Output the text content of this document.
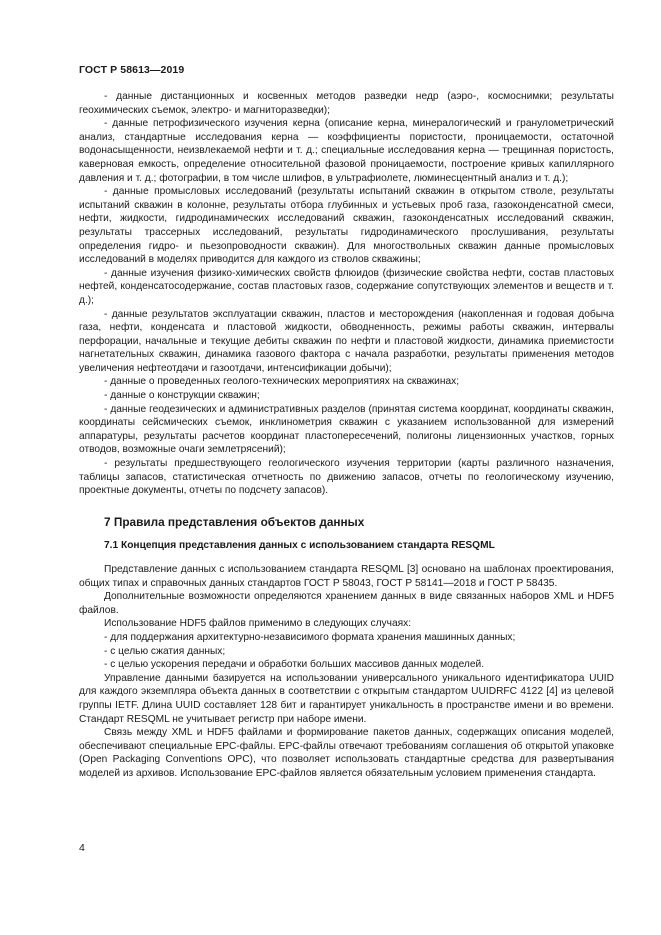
ГОСТ Р 58613—2019

- данные дистанционных и косвенных методов разведки недр (аэро-, космоснимки; результаты геохимических съемок, электро- и магниторазведки);

- данные петрофизического изучения керна (описание керна, минералогический и гранулометрический анализ, стандартные исследования керна — коэффициенты пористости, проницаемости, остаточной водонасыщенности, неизвлекаемой нефти и т. д.; специальные исследования керна — трещинная пористость, каверновая емкость, определение относительной фазовой проницаемости, построение кривых капиллярного давления и т. д.; фотографии, в том числе шлифов, в ультрафиолете, люминесцентный анализ и т. д.);

- данные промысловых исследований (результаты испытаний скважин в открытом стволе, результаты испытаний скважин в колонне, результаты отбора глубинных и устьевых проб газа, газоконденсатной смеси, нефти, жидкости, гидродинамических исследований скважин, газоконденсатных исследований скважин, результаты трассерных исследований, результаты гидродинамического прослушивания, результаты определения гидро- и пьезопроводности скважин). Для многоствольных скважин данные промысловых исследований в моделях приводится для каждого из стволов скважины;

- данные изучения физико-химических свойств флюидов (физические свойства нефти, состав пластовых нефтей, конденсатосодержание, состав пластовых газов, содержание сопутствующих элементов и веществ и т. д.);

- данные результатов эксплуатации скважин, пластов и месторождения (накопленная и годовая добыча газа, нефти, конденсата и пластовой жидкости, обводненность, режимы работы скважин, интервалы перфорации, начальные и текущие дебиты скважин по нефти и пластовой жидкости, динамика приемистости нагнетательных скважин, динамика газового фактора с начала разработки, результаты применения методов увеличения нефтеотдачи и газоотдачи, интенсификации добычи);

- данные о проведенных геолого-технических мероприятиях на скважинах;

- данные о конструкции скважин;

- данные геодезических и административных разделов (принятая система координат, координаты скважин, координаты сейсмических съемок, инклинометрия скважин с указанием использованной для измерений аппаратуры, результаты расчетов координат пластопересечений, полигоны лицензионных участков, горных отводов, возможные очаги землетрясений);

- результаты предшествующего геологического изучения территории (карты различного назначения, таблицы запасов, статистическая отчетность по движению запасов, отчеты по геологическому изучению, проектные документы, отчеты по подсчету запасов).

7 Правила представления объектов данных
7.1 Концепция представления данных с использованием стандарта RESQML

Представление данных с использованием стандарта RESQML [3] основано на шаблонах проектирования, общих типах и справочных данных стандартов ГОСТ Р 58043, ГОСТ Р 58141—2018 и ГОСТ Р 58435.

Дополнительные возможности определяются хранением данных в виде связанных наборов XML и HDF5 файлов.

Использование HDF5 файлов применимо в следующих случаях:

- для поддержания архитектурно-независимого формата хранения машинных данных;

- с целью сжатия данных;

- с целью ускорения передачи и обработки больших массивов данных моделей.

Управление данными базируется на использовании универсального уникального идентификатора UUID для каждого экземпляра объекта данных в соответствии с открытым стандартом UUIDRFC 4122 [4] из целевой группы IETF. Длина UUID составляет 128 бит и гарантирует уникальность в пространстве имени и во времени. Стандарт RESQML не учитывает регистр при наборе имени.

Связь между XML и HDF5 файлами и формирование пакетов данных, содержащих описания моделей, обеспечивают специальные EPC-файлы. EPC-файлы отвечают требованиям соглашения об открытой упаковке (Open Packaging Conventions OPC), что позволяет использовать стандартные средства для развертывания моделей из архивов. Использование EPC-файлов является обязательным условием применения стандарта.

4
